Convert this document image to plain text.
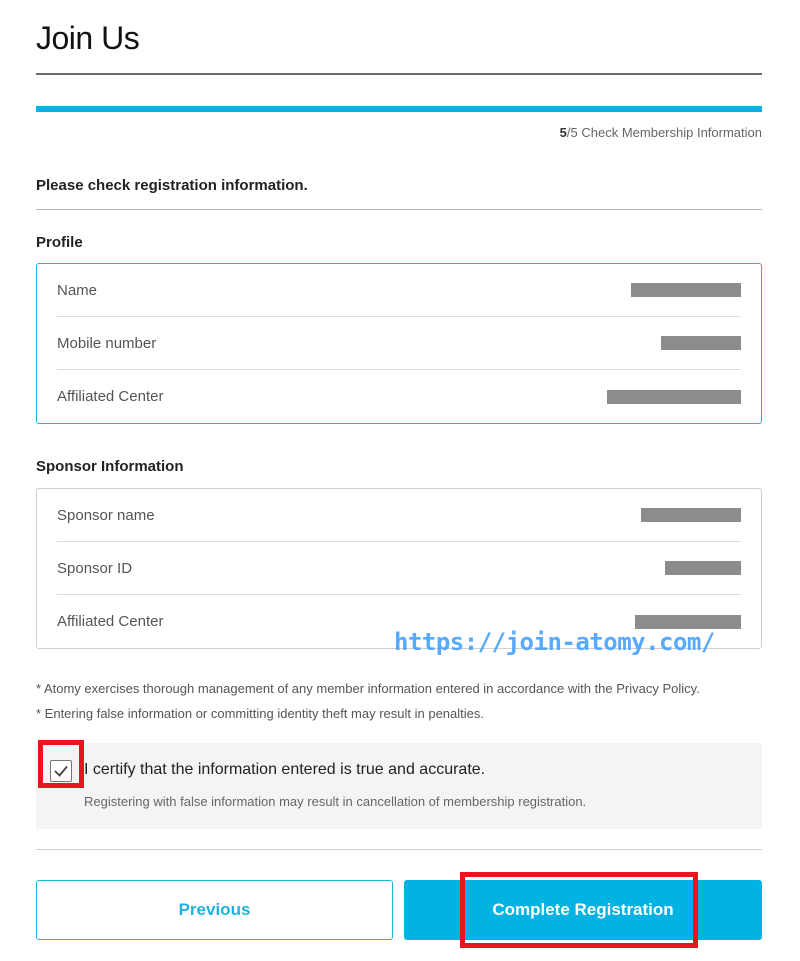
Join Us
5/5 Check Membership Information
Please check registration information.
Profile
Name
Mobile number
Affiliated Center
Sponsor Information
Sponsor name
Sponsor ID
Affiliated Center
https://join-atomy.com/
* Atomy exercises thorough management of any member information entered in accordance with the Privacy Policy.
* Entering false information or committing identity theft may result in penalties.
I certify that the information entered is true and accurate.
Registering with false information may result in cancellation of membership registration.
Previous	Complete Registration
